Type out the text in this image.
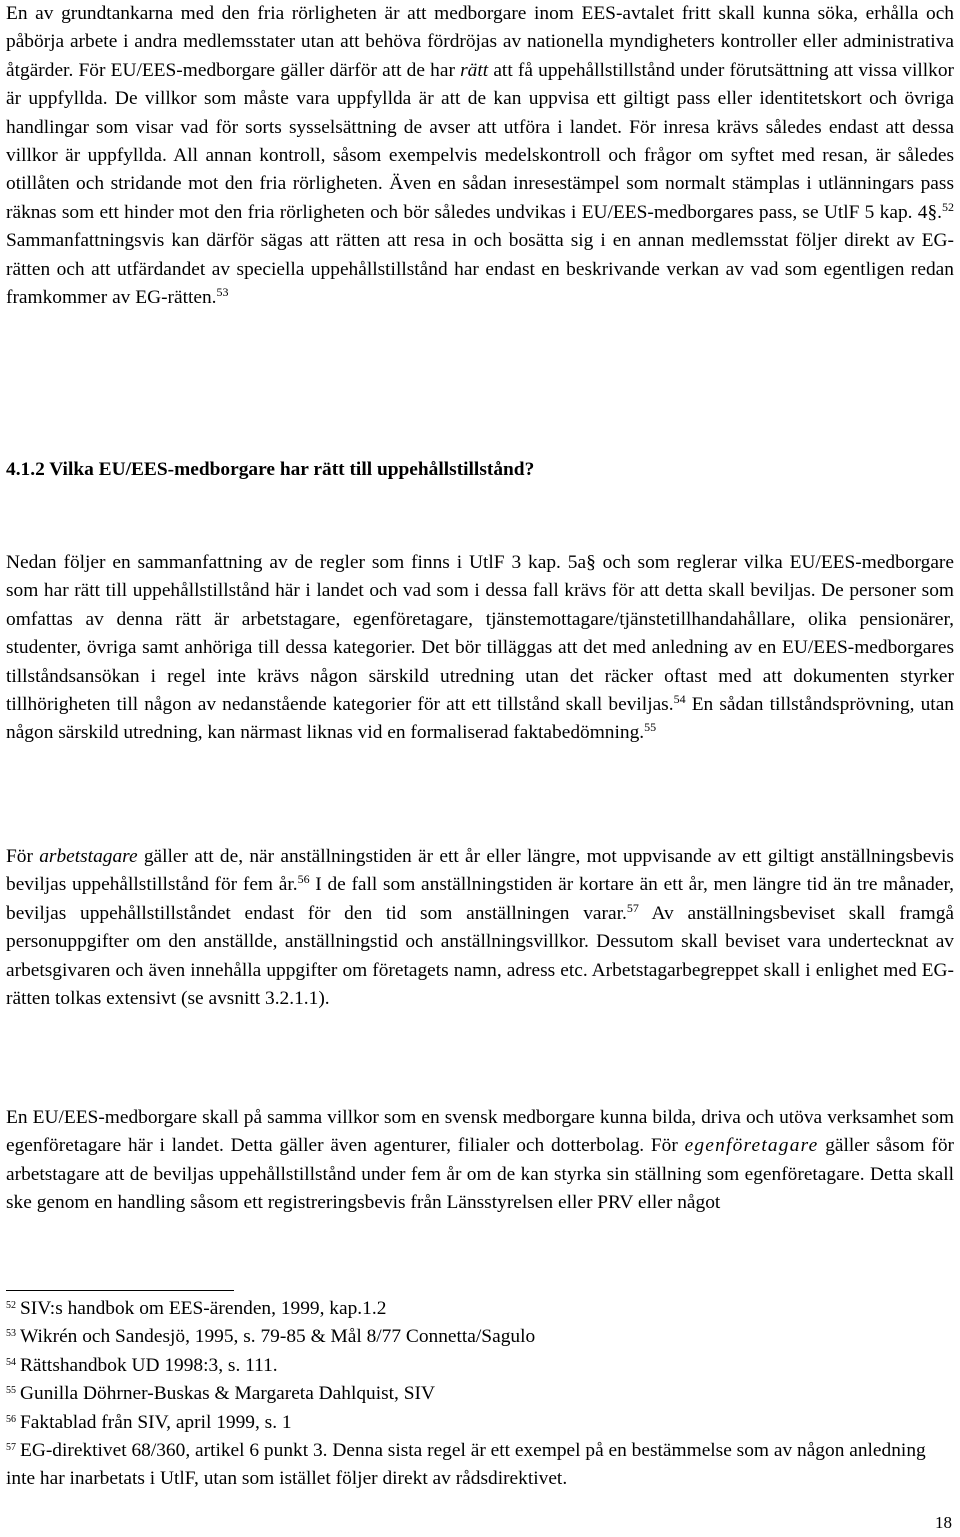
En av grundtankarna med den fria rörligheten är att medborgare inom EES-avtalet fritt skall kunna söka, erhålla och påbörja arbete i andra medlemsstater utan att behöva fördröjas av nationella myndigheters kontroller eller administrativa åtgärder. För EU/EES-medborgare gäller därför att de har rätt att få uppehållstillstånd under förutsättning att vissa villkor är uppfyllda. De villkor som måste vara uppfyllda är att de kan uppvisa ett giltigt pass eller identitetskort och övriga handlingar som visar vad för sorts sysselsättning de avser att utföra i landet. För inresa krävs således endast att dessa villkor är uppfyllda. All annan kontroll, såsom exempelvis medelskontroll och frågor om syftet med resan, är således otillåten och stridande mot den fria rörligheten. Även en sådan inresestämpel som normalt stämplas i utlänningars pass räknas som ett hinder mot den fria rörligheten och bör således undvikas i EU/EES-medborgares pass, se UtlF 5 kap. 4§.$^{52}$ Sammanfattningsvis kan därför sägas att rätten att resa in och bosätta sig i en annan medlemsstat följer direkt av EG-rätten och att utfärdandet av speciella uppehållstillstånd har endast en beskrivande verkan av vad som egentligen redan framkommer av EG-rätten.$^{53}$

4.1.2 Vilka EU/EES-medborgare har rätt till uppehållstillstånd?

Nedan följer en sammanfattning av de regler som finns i UtlF 3 kap. 5a§ och som reglerar vilka EU/EES-medborgare som har rätt till uppehållstillstånd här i landet och vad som i dessa fall krävs för att detta skall beviljas. De personer som omfattas av denna rätt är arbetstagare, egenföretagare, tjänstemottagare/tjänstetillhandahållare, olika pensionärer, studenter, övriga samt anhöriga till dessa kategorier. Det bör tilläggas att det med anledning av en EU/EES-medborgares tillståndsansökan i regel inte krävs någon särskild utredning utan det räcker oftast med att dokumenten styrker tillhörigheten till någon av nedanstående kategorier för att ett tillstånd skall beviljas.$^{54}$ En sådan tillståndsprövning, utan någon särskild utredning, kan närmast liknas vid en formaliserad faktabedömning.$^{55}$

För arbetstagare gäller att de, när anställningstiden är ett år eller längre, mot uppvisande av ett giltigt anställningsbevis beviljas uppehållstillstånd för fem år.$^{56}$ I de fall som anställningstiden är kortare än ett år, men längre tid än tre månader, beviljas uppehållstillståndet endast för den tid som anställningen varar.$^{57}$ Av anställningsbeviset skall framgå personuppgifter om den anställde, anställningstid och anställningsvillkor. Dessutom skall beviset vara undertecknat av arbetsgivaren och även innehålla uppgifter om företagets namn, adress etc. Arbetstagarbegreppet skall i enlighet med EG-rätten tolkas extensivt (se avsnitt 3.2.1.1).

En EU/EES-medborgare skall på samma villkor som en svensk medborgare kunna bilda, driva och utöva verksamhet som egenföretagare här i landet. Detta gäller även agenturer, filialer och dotterbolag. För egenföretagare gäller såsom för arbetstagare att de beviljas uppehållstillstånd under fem år om de kan styrka sin ställning som egenföretagare. Detta skall ske genom en handling såsom ett registreringsbevis från Länsstyrelsen eller PRV eller något

$^{52}$ SIV:s handbok om EES-ärenden, 1999, kap.1.2

$^{53}$ Wikrén och Sandesjö, 1995, s. 79-85 & Mål 8/77 Connetta/Sagulo

$^{54}$ Rättshandbok UD 1998:3, s. 111.

$^{55}$ Gunilla Döhrner-Buskas & Margareta Dahlquist, SIV

$^{56}$ Faktablad från SIV, april 1999, s. 1

$^{57}$ EG-direktivet 68/360, artikel 6 punkt 3. Denna sista regel är ett exempel på en bestämmelse som av någon anledning inte har inarbetats i UtlF, utan som istället följer direkt av rådsdirektivet.

18
